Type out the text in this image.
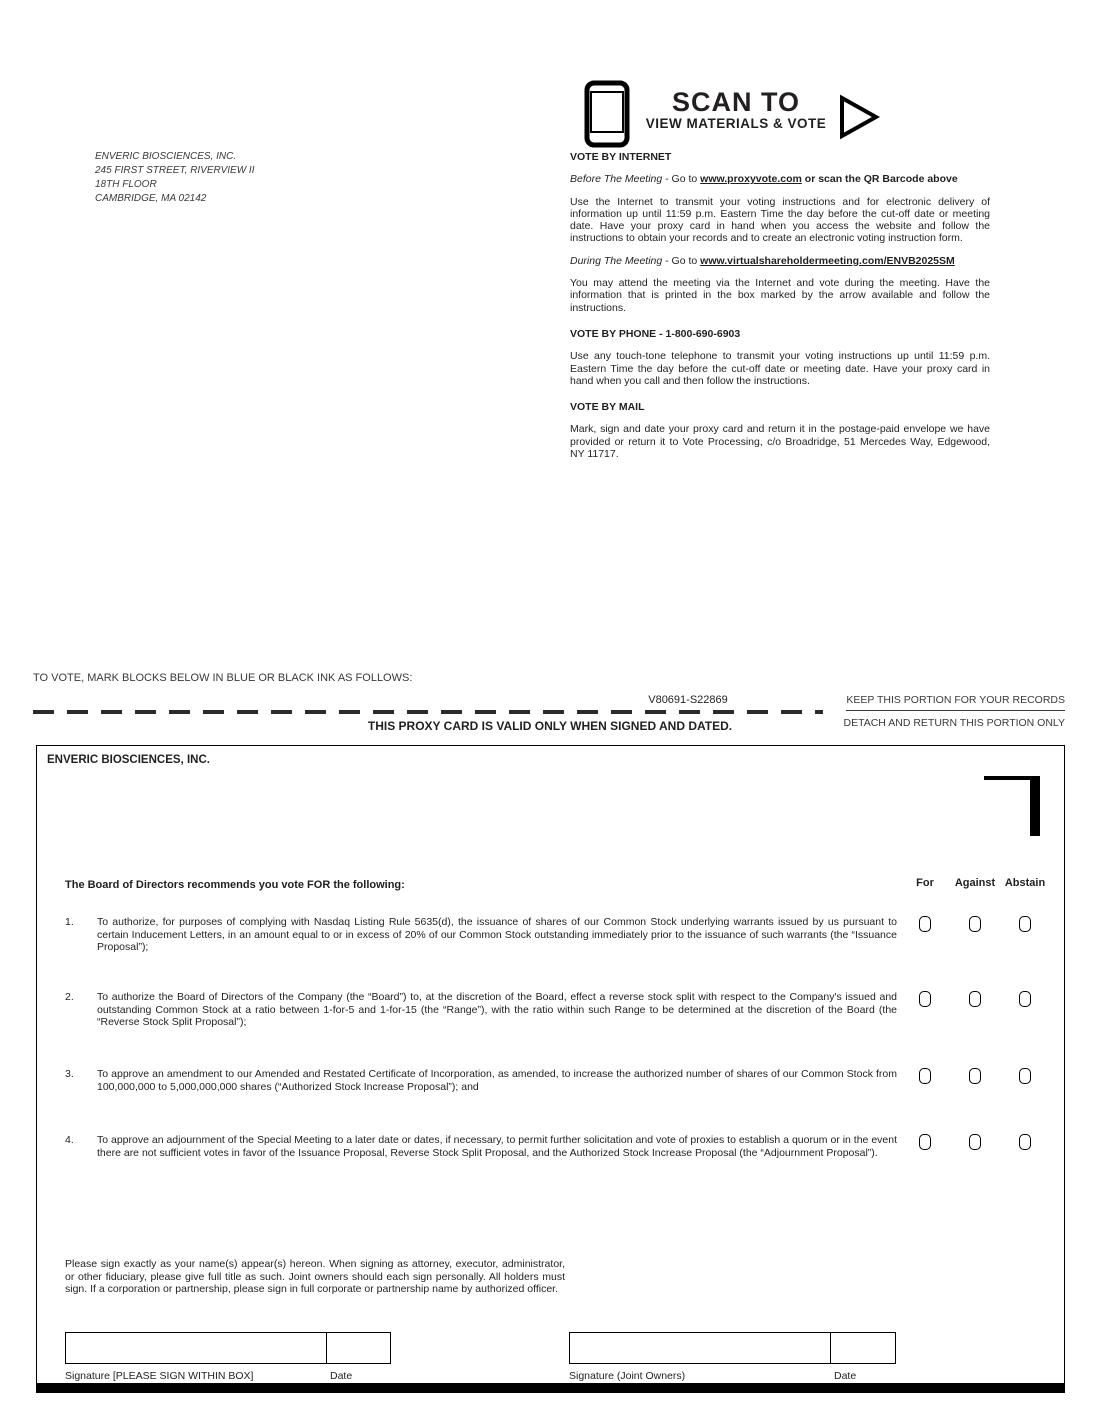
ENVERIC BIOSCIENCES, INC.
245 FIRST STREET, RIVERVIEW II
18TH FLOOR
CAMBRIDGE, MA 02142
SCAN TO
VIEW MATERIALS & VOTE

VOTE BY INTERNET

Before The Meeting - Go to www.proxyvote.com or scan the QR Barcode above

Use the Internet to transmit your voting instructions and for electronic delivery of information up until 11:59 p.m. Eastern Time the day before the cut-off date or meeting date. Have your proxy card in hand when you access the website and follow the instructions to obtain your records and to create an electronic voting instruction form.

During The Meeting - Go to www.virtualshareholdermeeting.com/ENVB2025SM

You may attend the meeting via the Internet and vote during the meeting. Have the information that is printed in the box marked by the arrow available and follow the instructions.

VOTE BY PHONE - 1-800-690-6903

Use any touch-tone telephone to transmit your voting instructions up until 11:59 p.m. Eastern Time the day before the cut-off date or meeting date. Have your proxy card in hand when you call and then follow the instructions.

VOTE BY MAIL

Mark, sign and date your proxy card and return it in the postage-paid envelope we have provided or return it to Vote Processing, c/o Broadridge, 51 Mercedes Way, Edgewood, NY 11717.

TO VOTE, MARK BLOCKS BELOW IN BLUE OR BLACK INK AS FOLLOWS:
V80691-S22869	KEEP THIS PORTION FOR YOUR RECORDS
THIS PROXY CARD IS VALID ONLY WHEN SIGNED AND DATED.	DETACH AND RETURN THIS PORTION ONLY
ENVERIC BIOSCIENCES, INC.
The Board of Directors recommends you vote FOR the following:	For	Against Abstain
1. To authorize, for purposes of complying with Nasdaq Listing Rule 5635(d), the issuance of shares of our Common Stock underlying warrants issued by us pursuant to certain Inducement Letters, in an amount equal to or in excess of 20% of our Common Stock outstanding immediately prior to the issuance of such warrants (the “Issuance Proposal”);
2. To authorize the Board of Directors of the Company (the “Board”) to, at the discretion of the Board, effect a reverse stock split with respect to the Company's issued and outstanding Common Stock at a ratio between 1-for-5 and 1-for-15 (the “Range”), with the ratio within such Range to be determined at the discretion of the Board (the “Reverse Stock Split Proposal”);
3. To approve an amendment to our Amended and Restated Certificate of Incorporation, as amended, to increase the authorized number of shares of our Common Stock from 100,000,000 to 5,000,000,000 shares (“Authorized Stock Increase Proposal”); and
4. To approve an adjournment of the Special Meeting to a later date or dates, if necessary, to permit further solicitation and vote of proxies to establish a quorum or in the event there are not sufficient votes in favor of the Issuance Proposal, Reverse Stock Split Proposal, and the Authorized Stock Increase Proposal (the “Adjournment Proposal”).
Please sign exactly as your name(s) appear(s) hereon. When signing as attorney, executor, administrator, or other fiduciary, please give full title as such. Joint owners should each sign personally. All holders must sign. If a corporation or partnership, please sign in full corporate or partnership name by authorized officer.
Signature [PLEASE SIGN WITHIN BOX]	Date	Signature (Joint Owners)	Date
